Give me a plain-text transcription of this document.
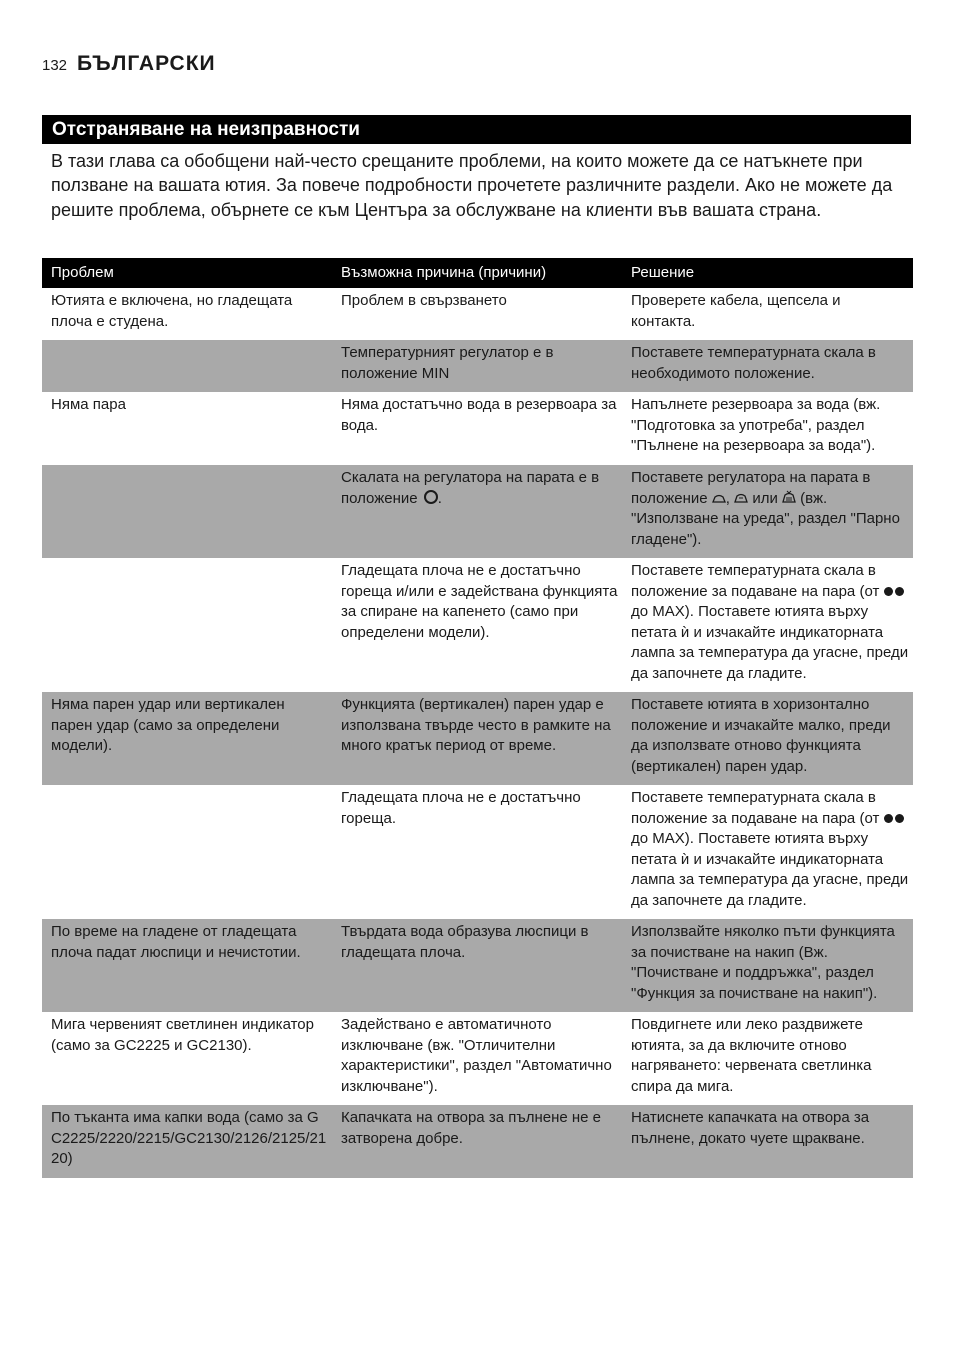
132 БЪЛГАРСКИ
Отстраняване на неизправности

В тази глава са обобщени най-често срещаните проблеми, на които можете да се натъкнете при ползване на вашата ютия. За повече подробности прочетете различните раздели. Ако не можете да решите проблема, обърнете се към Центъра за обслужване на клиенти във вашата страна.

Проблем	Възможна причина (причини)	Решение
Ютията е включена, но гладещата плоча е студена.	Проблем в свързването	Проверете кабела, щепсела и контакта.
	Температурният регулатор е в положение MIN	Поставете температурната скала в необходимото положение.
Няма пара	Няма достатъчно вода в резервоара за вода.	Напълнете резервоара за вода (вж. "Подготовка за употреба", раздел "Пълнене на резервоара за вода").
	Скалата на регулатора на парата е в положение .	Поставете регулатора на парата в положение , или (вж. "Използване на уреда", раздел "Парно гладене").
	Гладещата плоча не е достатъчно гореща и/или е задействана функцията за спиране на капенето (само при определени модели).	Поставете температурната скала в положение за подаване на пара (от  до MAX). Поставете ютията върху петата ѝ и изчакайте индикаторната лампа за температура да угасне, преди да започнете да гладите.
Няма парен удар или вертикален парен удар (само за определени модели).	Функцията (вертикален) парен удар е използвана твърде често в рамките на много кратък период от време.	Поставете ютията в хоризонтално положение и изчакайте малко, преди да използвате отново функцията (вертикален) парен удар.
	Гладещата плоча не е достатъчно гореща.	Поставете температурната скала в положение за подаване на пара (от  до MAX). Поставете ютията върху петата ѝ и изчакайте индикаторната лампа за температура да угасне, преди да започнете да гладите.
По време на гладене от гладещата плоча падат люспици и нечистотии.	Твърдата вода образува люспици в гладещата плоча.	Използвайте няколко пъти функцията за почистване на накип (Вж. "Почистване и поддръжка", раздел "Функция за почистване на накип").
Мига червеният светлинен индикатор (само за GC2225 и GC2130).	Задействано е автоматичното изключване (вж. "Отличителни характеристики", раздел "Автоматично изключване").	Повдигнете или леко раздвижете ютията, за да включите отново нагряването: червената светлинка спира да мига.
По тъканта има капки вода (само за GC2225/2220/2215/GC2130/2126/2125/2120)	Капачката на отвора за пълнене не е затворена добре.	Натиснете капачката на отвора за пълнене, докато чуете щракване.
